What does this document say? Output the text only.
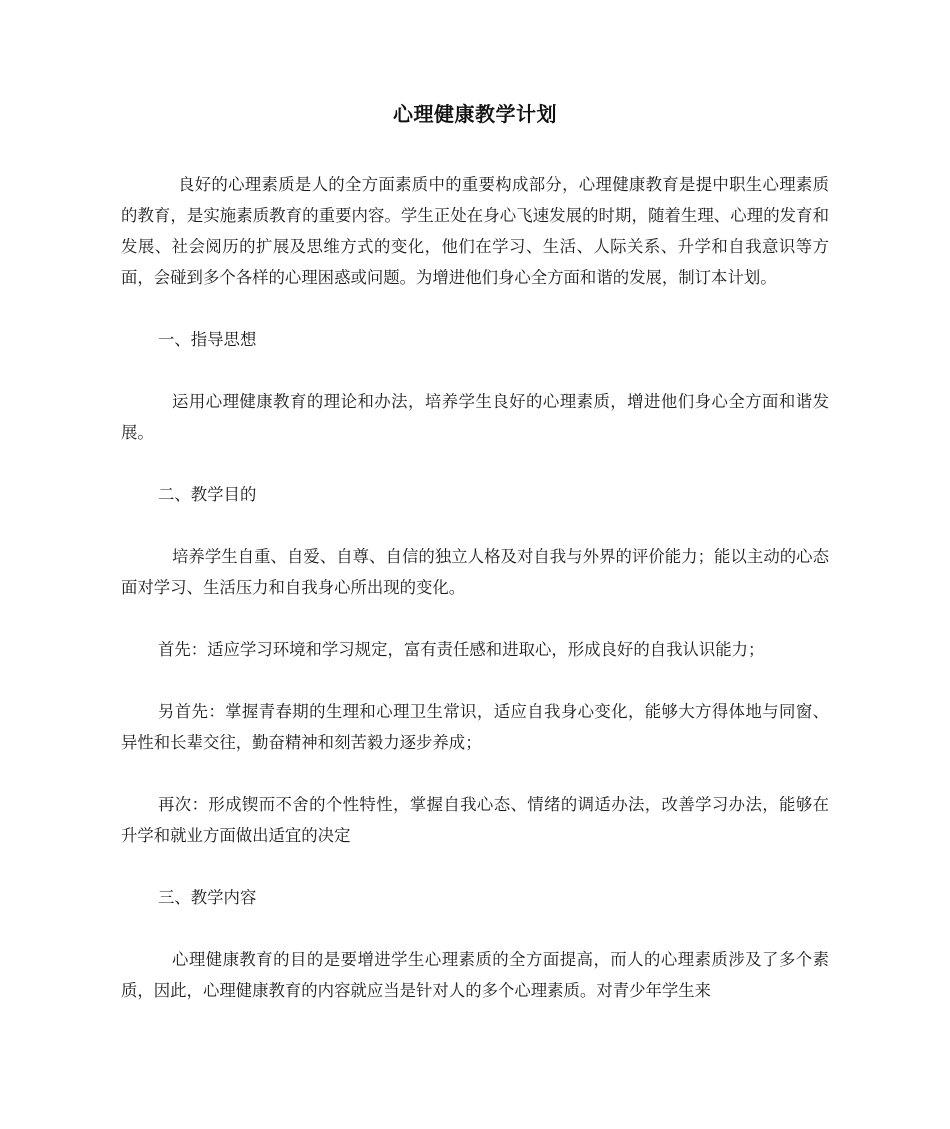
心理健康教学计划

良好的心理素质是人的全方面素质中的重要构成部分，心理健康教育是提中职生心理素质的教育，是实施素质教育的重要内容。学生正处在身心飞速发展的时期，随着生理、心理的发育和发展、社会阅历的扩展及思维方式的变化，他们在学习、生活、人际关系、升学和自我意识等方面，会碰到多个各样的心理困惑或问题。为增进他们身心全方面和谐的发展，制订本计划。

一、指导思想

运用心理健康教育的理论和办法，培养学生良好的心理素质，增进他们身心全方面和谐发展。

二、教学目的

培养学生自重、自爱、自尊、自信的独立人格及对自我与外界的评价能力；能以主动的心态面对学习、生活压力和自我身心所出现的变化。

首先：适应学习环境和学习规定，富有责任感和进取心，形成良好的自我认识能力；

另首先：掌握青春期的生理和心理卫生常识，适应自我身心变化，能够大方得体地与同窗、异性和长辈交往，勤奋精神和刻苦毅力逐步养成；

再次：形成锲而不舍的个性特性，掌握自我心态、情绪的调适办法，改善学习办法，能够在升学和就业方面做出适宜的决定

三、教学内容

心理健康教育的目的是要增进学生心理素质的全方面提高，而人的心理素质涉及了多个素质，因此，心理健康教育的内容就应当是针对人的多个心理素质。对青少年学生来
